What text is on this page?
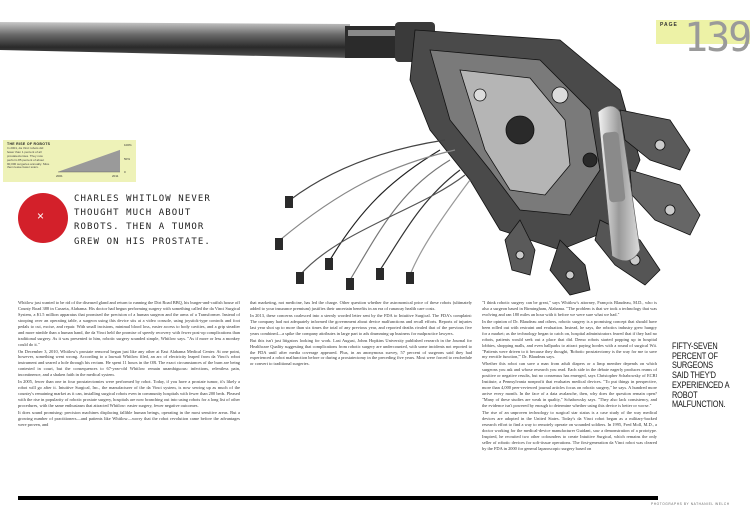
PAGE 139
THE RISE OF ROBOTS
In 2001, da Vinci robots did fewer than 1 percent of all prostatectomies. They now perform 85 percent of about 90,000 surgeries annually. Slice them leave fewer scars.
100%
50%
0
2001	2011
×
CHARLES WHITLOW NEVER THOUGHT MUCH ABOUT ROBOTS. THEN A TUMOR GREW ON HIS PROSTATE.

Whitlow just wanted to be rid of the diseased gland and return to running the Dirt Road BBQ, his burger-and-catfish house off County Road 388 in Cusseta, Alabama. His doctor had begun performing surgery with something called the da Vinci Surgical System, a $1.5 million apparatus that promised the precision of a human surgeon and the arms of a Transformer. Instead of stooping over an operating table, a surgeon using this device sits at a video console, using joystick-type controls and foot pedals to cut, excise, and repair. With small incisions, minimal blood loss, easier access to body cavities, and a grip steadier and more nimble than a human hand, the da Vinci held the promise of speedy recovery with fewer post-op complications than traditional surgery. As it was presented to him, robotic surgery sounded simple, Whitlow says. "As if more or less a monkey could do it."

On December 3, 2010, Whitlow's prostate removal began just like any other at East Alabama Medical Center. At one point, however, something went wrong. According to a lawsuit Whitlow filed, an arc of electricity leaped from da Vinci's robot instrument and seared a hole through his rectum. He spent 11 hours in the OR. The exact circumstances of the burn are being contested in court, but the consequences to 67-year-old Whitlow remain unambiguous: infections, relentless pain, incontinence, and a shaken faith in the medical system.

In 2005, fewer than one in four prostatectomies were performed by robot. Today, if you have a prostate tumor, it's likely a robot will go after it. Intuitive Surgical, Inc., the manufacturer of the da Vinci system, is now sewing up as much of the country's remaining market as it can, installing surgical robots even in community hospitals with fewer than 200 beds. Pleased with the rise in popularity of robotic prostate surgery, hospitals are now branching out into using robots for a long list of other procedures, with the same enthusiasm that attracted Whitlow: easier surgery, fewer negative outcomes.

It does sound promising: precision machines displacing fallible human beings, operating in the most sensitive areas. But a growing number of practitioners—and patients like Whitlow—worry that the robot revolution came before the advantages were proven, and

that marketing, not medicine, has led the charge. Other question whether the astronomical price of these robots (ultimately added to your insurance premium) justifies their uncertain benefits in an era of runaway health care costs.

In 2013, these concerns coalesced into a sternly worded letter sent by the FDA to Intuitive Surgical. The FDA's complaint: The company had not adequately informed the government about device malfunctions and recall efforts. Reports of injuries last year shot up to more than six times the total of any previous year, and reported deaths rivaled that of the previous five years combined—a spike the company attributes in large part to ads drumming up business for malpractice lawyers.

But this isn't just litigators looking for work. Last August, Johns Hopkins University published research in the Journal for Healthcare Quality suggesting that complications from robotic surgery are undercounted, with some incidents not reported to the FDA until after media coverage appeared. Plus, in an anonymous survey, 57 percent of surgeons said they had experienced a robot malfunction before or during a prostatectomy in the preceding five years. Most were forced to reschedule or convert to traditional surgeries.

"I think robotic surgery can be great," says Whitlow's attorney, François Blaudeau, M.D., who is also a surgeon based in Birmingham, Alabama. "The problem is that we took a technology that was evolving and ran 180 miles an hour with it before we were sure what we had."

In the opinion of Dr. Blaudeau and others, robotic surgery is a promising concept that should have been rolled out with restraint and evaluation. Instead, he says, the robotics industry grew hungry for a market; as the technology began to catch on, hospital administrators feared that if they had no robots, patients would seek out a place that did. Demo robots started popping up in hospital lobbies, shopping malls, and even ballparks to attract paying hordes with a round of surgical Wii. "Patients were driven to it because they thought, 'Robotic prostatectomy is the way for me to save my erectile function,'" Dr. Blaudeau says.

Whether this robot can save a man from adult diapers or a limp member depends on which surgeons you ask and whose research you read. Each side in the debate eagerly produces reams of positive or negative results, but no consensus has emerged, says Christopher Schabowsky of ECRI Institute, a Pennsylvania nonprofit that evaluates medical devices. "To put things in perspective, more than 4,000 peer-reviewed journal articles focus on robotic surgery," he says. A hundred more arrive every month. In the face of a data avalanche, then, why does the question remain open? "Many of these studies are weak in quality," Schabowsky says. "They also lack consistency, and the evidence isn't powered by enough to determine whether using this device is better or worse."

The rise of an unproven technology to surgical star status is a case study of the way medical devices are adopted in the United States. Today's da Vinci robot began as a military-backed research effort to find a way to remotely operate on wounded soldiers. In 1995, Fred Moll, M.D., a doctor working for the medical-device manufacturer Guidant, saw a demonstration of a prototype. Inspired, he recruited two other cofounders to create Intuitive Surgical, which remains the only seller of robotic devices for soft-tissue operations. The first-generation da Vinci robot was cleared by the FDA in 2000 for general laparoscopic surgery based on

FIFTY-SEVEN PERCENT OF SURGEONS SAID THEY'D EXPERIENCED A ROBOT MALFUNCTION.
PHOTOGRAPHS BY NATHANIEL WELCH
